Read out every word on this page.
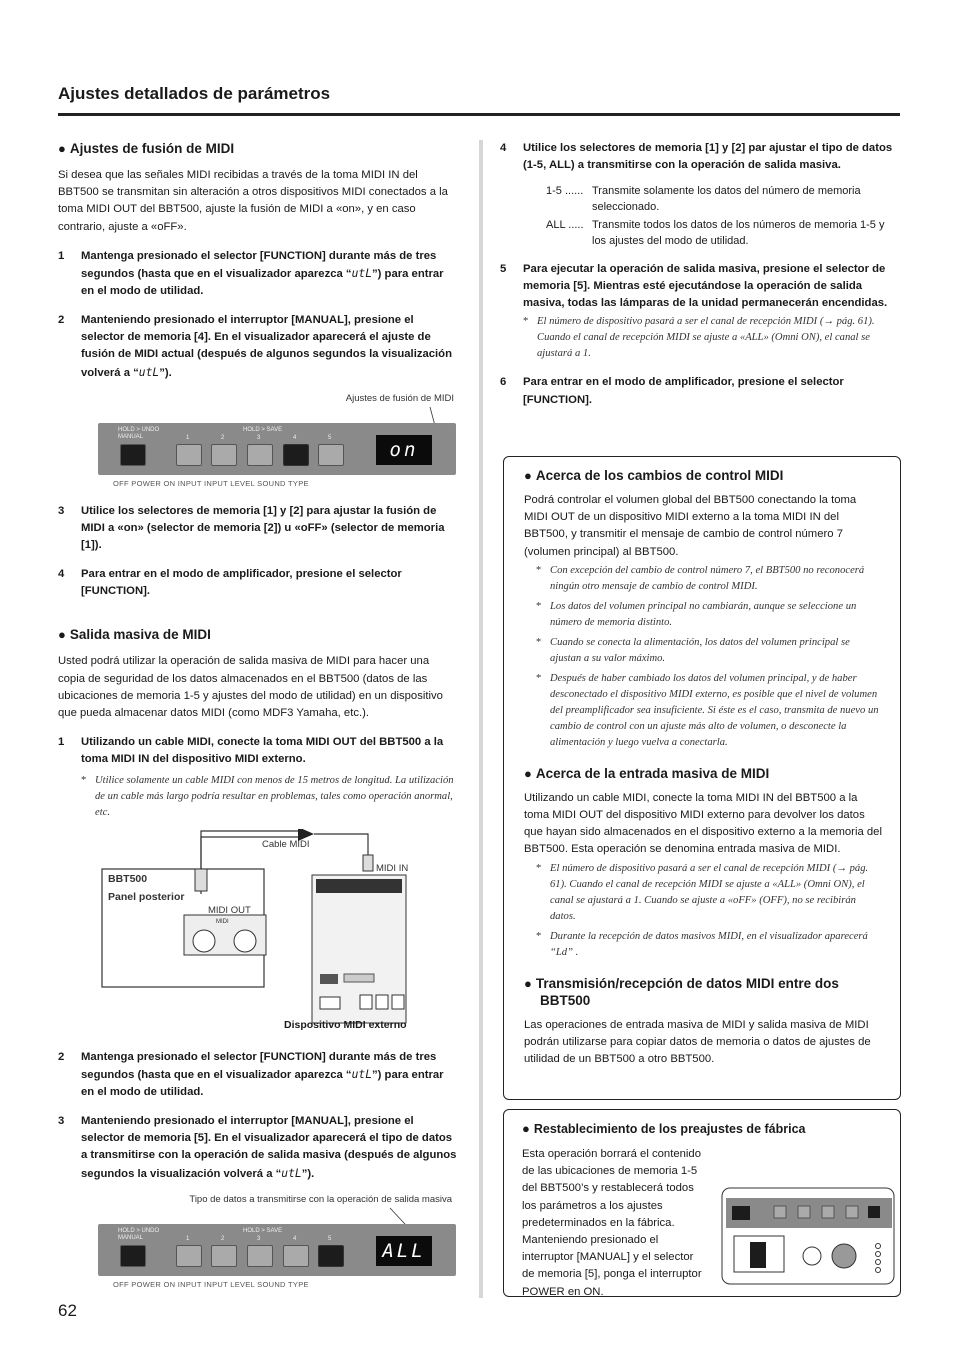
Ajustes detallados de parámetros
● Ajustes de fusión de MIDI

Si desea que las señales MIDI recibidas a través de la toma MIDI IN del BBT500 se transmitan sin alteración a otros dispositivos MIDI conectados a la toma MIDI OUT del BBT500, ajuste la fusión de MIDI a «on», y en caso contrario, ajuste a «oFF».

1 Mantenga presionado el selector [FUNCTION] durante más de tres segundos (hasta que en el visualizador aparezca “utL”) para entrar en el modo de utilidad.
2 Manteniendo presionado el interruptor [MANUAL], presione el selector de memoria [4]. En el visualizador aparecerá el ajuste de fusión de MIDI actual (después de algunos segundos la visualización volverá a “utL”).
Ajustes de fusión de MIDI
HOLD > UNDO
MANUAL
HOLD > SAVE
1	2	3	4	5
on
OFF POWER ON INPUT INPUT LEVEL SOUND TYPE
3 Utilice los selectores de memoria [1] y [2] para ajustar la fusión de MIDI a «on» (selector de memoria [2]) u «oFF» (selector de memoria [1]).
4 Para entrar en el modo de amplificador, presione el selector [FUNCTION].
● Salida masiva de MIDI

Usted podrá utilizar la operación de salida masiva de MIDI para hacer una copia de seguridad de los datos almacenados en el BBT500 (datos de las ubicaciones de memoria 1-5 y ajustes del modo de utilidad) en un dispositivo que pueda almacenar datos MIDI (como MDF3 Yamaha, etc.).

1 Utilizando un cable MIDI, conecte la toma MIDI OUT del BBT500 a la toma MIDI IN del dispositivo MIDI externo.
* Utilice solamente un cable MIDI con menos de 15 metros de longitud. La utilización de un cable más largo podría resultar en problemas, tales como operación anormal, etc.
Cable MIDI
MIDI IN
BBT500
Panel posterior
MIDI OUT
MIDI
Dispositivo MIDI externo
2 Mantenga presionado el selector [FUNCTION] durante más de tres segundos (hasta que en el visualizador aparezca “utL”) para entrar en el modo de utilidad.
3 Manteniendo presionado el interruptor [MANUAL], presione el selector de memoria [5]. En el visualizador aparecerá el tipo de datos a transmitirse con la operación de salida masiva (después de algunos segundos la visualización volverá a “utL”).
Tipo de datos a transmitirse con la operación de salida masiva
HOLD > UNDO
MANUAL
HOLD > SAVE
1	2	3	4	5
ALL
OFF POWER ON INPUT INPUT LEVEL SOUND TYPE
4 Utilice los selectores de memoria [1] y [2] par ajustar el tipo de datos (1-5, ALL) a transmitirse con la operación de salida masiva.
1-5 ...... Transmite solamente los datos del número de memoria seleccionado.
ALL ..... Transmite todos los datos de los números de memoria 1-5 y los ajustes del modo de utilidad.
5 Para ejecutar la operación de salida masiva, presione el selector de memoria [5]. Mientras esté ejecutándose la operación de salida masiva, todas las lámparas de la unidad permanecerán encendidas.
* El número de dispositivo pasará a ser el canal de recepción MIDI (→ pág. 61). Cuando el canal de recepción MIDI se ajuste a «ALL» (Omni ON), el canal se ajustará a 1.
6 Para entrar en el modo de amplificador, presione el selector [FUNCTION].
● Acerca de los cambios de control MIDI

Podrá controlar el volumen global del BBT500 conectando la toma MIDI OUT de un dispositivo MIDI externo a la toma MIDI IN del BBT500, y transmitir el mensaje de cambio de control número 7 (volumen principal) al BBT500.

* Con excepción del cambio de control número 7, el BBT500 no reconocerá ningún otro mensaje de cambio de control MIDI.
* Los datos del volumen principal no cambiarán, aunque se seleccione un número de memoria distinto.
* Cuando se conecta la alimentación, los datos del volumen principal se ajustan a su valor máximo.
* Después de haber cambiado los datos del volumen principal, y de haber desconectado el dispositivo MIDI externo, es posible que el nivel de volumen del preamplificador sea insuficiente. Si éste es el caso, transmita de nuevo un cambio de control con un ajuste más alto de volumen, o desconecte la alimentación y luego vuelva a conectarla.
● Acerca de la entrada masiva de MIDI

Utilizando un cable MIDI, conecte la toma MIDI IN del BBT500 a la toma MIDI OUT del dispositivo MIDI externo para devolver los datos que hayan sido almacenados en el dispositivo externo a la memoria del BBT500. Esta operación se denomina entrada masiva de MIDI.

* El número de dispositivo pasará a ser el canal de recepción MIDI (→ pág. 61). Cuando el canal de recepción MIDI se ajuste a «ALL» (Omni ON), el canal se ajustará a 1. Cuando se ajuste a «oFF» (OFF), no se recibirán datos.
* Durante la recepción de datos masivos MIDI, en el visualizador aparecerá “Ld” .
● Transmisión/recepción de datos MIDI entre dos BBT500

Las operaciones de entrada masiva de MIDI y salida masiva de MIDI podrán utilizarse para copiar datos de memoria o datos de ajustes de utilidad de un BBT500 a otro BBT500.

● Restablecimiento de los preajustes de fábrica

Esta operación borrará el contenido de las ubicaciones de memoria 1-5 del BBT500’s y restablecerá todos los parámetros a los ajustes predeterminados en la fábrica.

Manteniendo presionado el interruptor [MANUAL] y el selector de memoria [5], ponga el interruptor POWER en ON.

62
